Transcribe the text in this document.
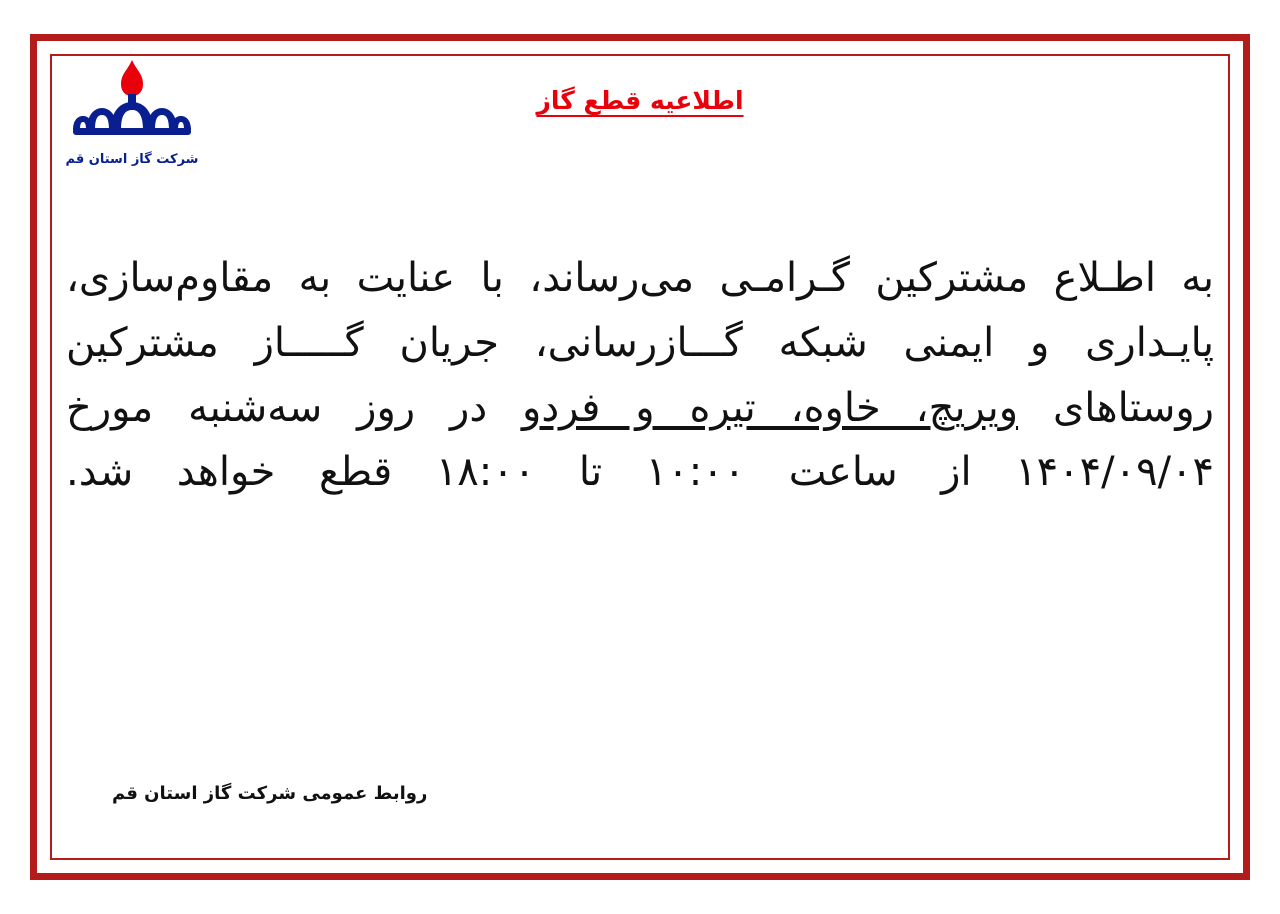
اطلاعیه قطع گاز
شرکت گاز استان قم
به اطـلاع مشترکین گـرامـی می‌رساند، با عنایت به مقاوم‌سازی، پایـداری و ایمنی شبکه گـــازرسانی، جریان گـــــاز مشترکین روستاهای ویریچ، خاوه، تیره و فردو در روز سه‌شنبه مورخ ۱۴۰۴/۰۹/۰۴ از ساعت ۱۰:۰۰ تا ۱۸:۰۰ قطع خواهد شد.
روابط عمومی شرکت گاز استان قم
